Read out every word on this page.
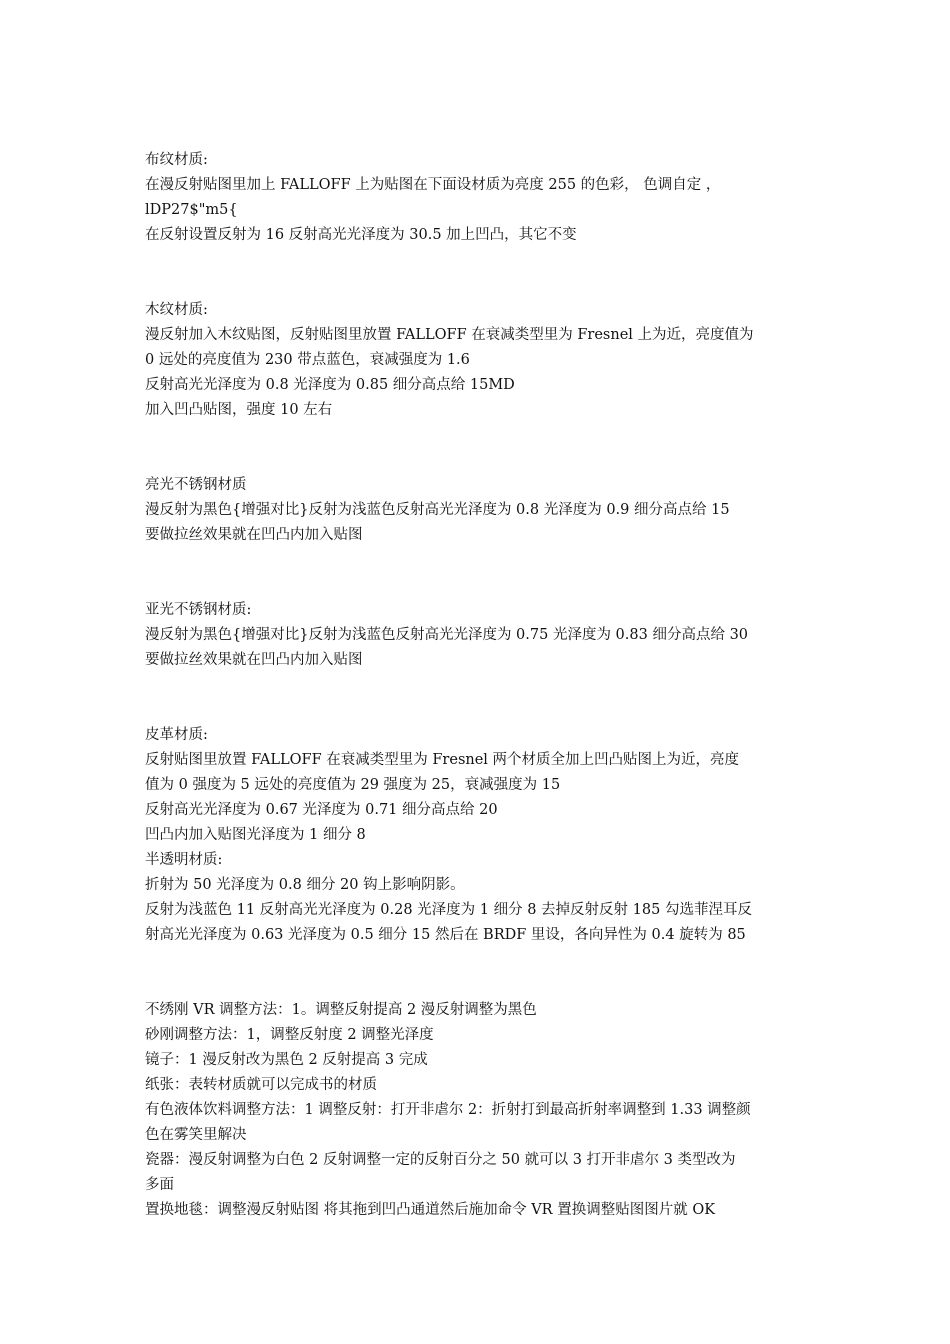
布纹材质:
在漫反射贴图里加上 FALLOFF 上为贴图在下面设材质为亮度 255 的色彩， 色调自定 ，
lDP27$"m5{
在反射设置反射为 16 反射高光光泽度为 30.5 加上凹凸，其它不变
木纹材质:
漫反射加入木纹贴图，反射贴图里放置 FALLOFF 在衰减类型里为 Fresnel 上为近，亮度值为
0 远处的亮度值为 230 带点蓝色，衰减强度为 1.6
反射高光光泽度为 0.8 光泽度为 0.85 细分高点给 15MD
加入凹凸贴图，强度 10 左右
亮光不锈钢材质
漫反射为黑色{增强对比}反射为浅蓝色反射高光光泽度为 0.8 光泽度为 0.9 细分高点给 15
要做拉丝效果就在凹凸内加入贴图
亚光不锈钢材质:
漫反射为黑色{增强对比}反射为浅蓝色反射高光光泽度为 0.75 光泽度为 0.83 细分高点给 30
要做拉丝效果就在凹凸内加入贴图
皮革材质:
反射贴图里放置 FALLOFF 在衰减类型里为 Fresnel 两个材质全加上凹凸贴图上为近，亮度
值为 0 强度为 5 远处的亮度值为 29 强度为 25，衰减强度为 15
反射高光光泽度为 0.67 光泽度为 0.71 细分高点给 20
凹凸内加入贴图光泽度为 1 细分 8
半透明材质:
折射为 50 光泽度为 0.8 细分 20 钩上影响阴影。
反射为浅蓝色 11 反射高光光泽度为 0.28 光泽度为 1 细分 8 去掉反射反射 185 勾选菲涅耳反
射高光光泽度为 0.63 光泽度为 0.5 细分 15 然后在 BRDF 里设，各向异性为 0.4 旋转为 85
不绣刚 VR 调整方法：1。调整反射提高 2 漫反射调整为黑色
砂刚调整方法：1，调整反射度 2 调整光泽度
镜子：1 漫反射改为黑色 2 反射提高 3 完成
纸张：表转材质就可以完成书的材质
有色液体饮料调整方法：1 调整反射：打开非虐尔 2：折射打到最高折射率调整到 1.33 调整颜
色在雾笑里解决
瓷器：漫反射调整为白色 2 反射调整一定的反射百分之 50 就可以 3 打开非虐尔 3 类型改为
多面
置换地毯：调整漫反射贴图 将其拖到凹凸通道然后施加命令 VR 置换调整贴图图片就 OK
